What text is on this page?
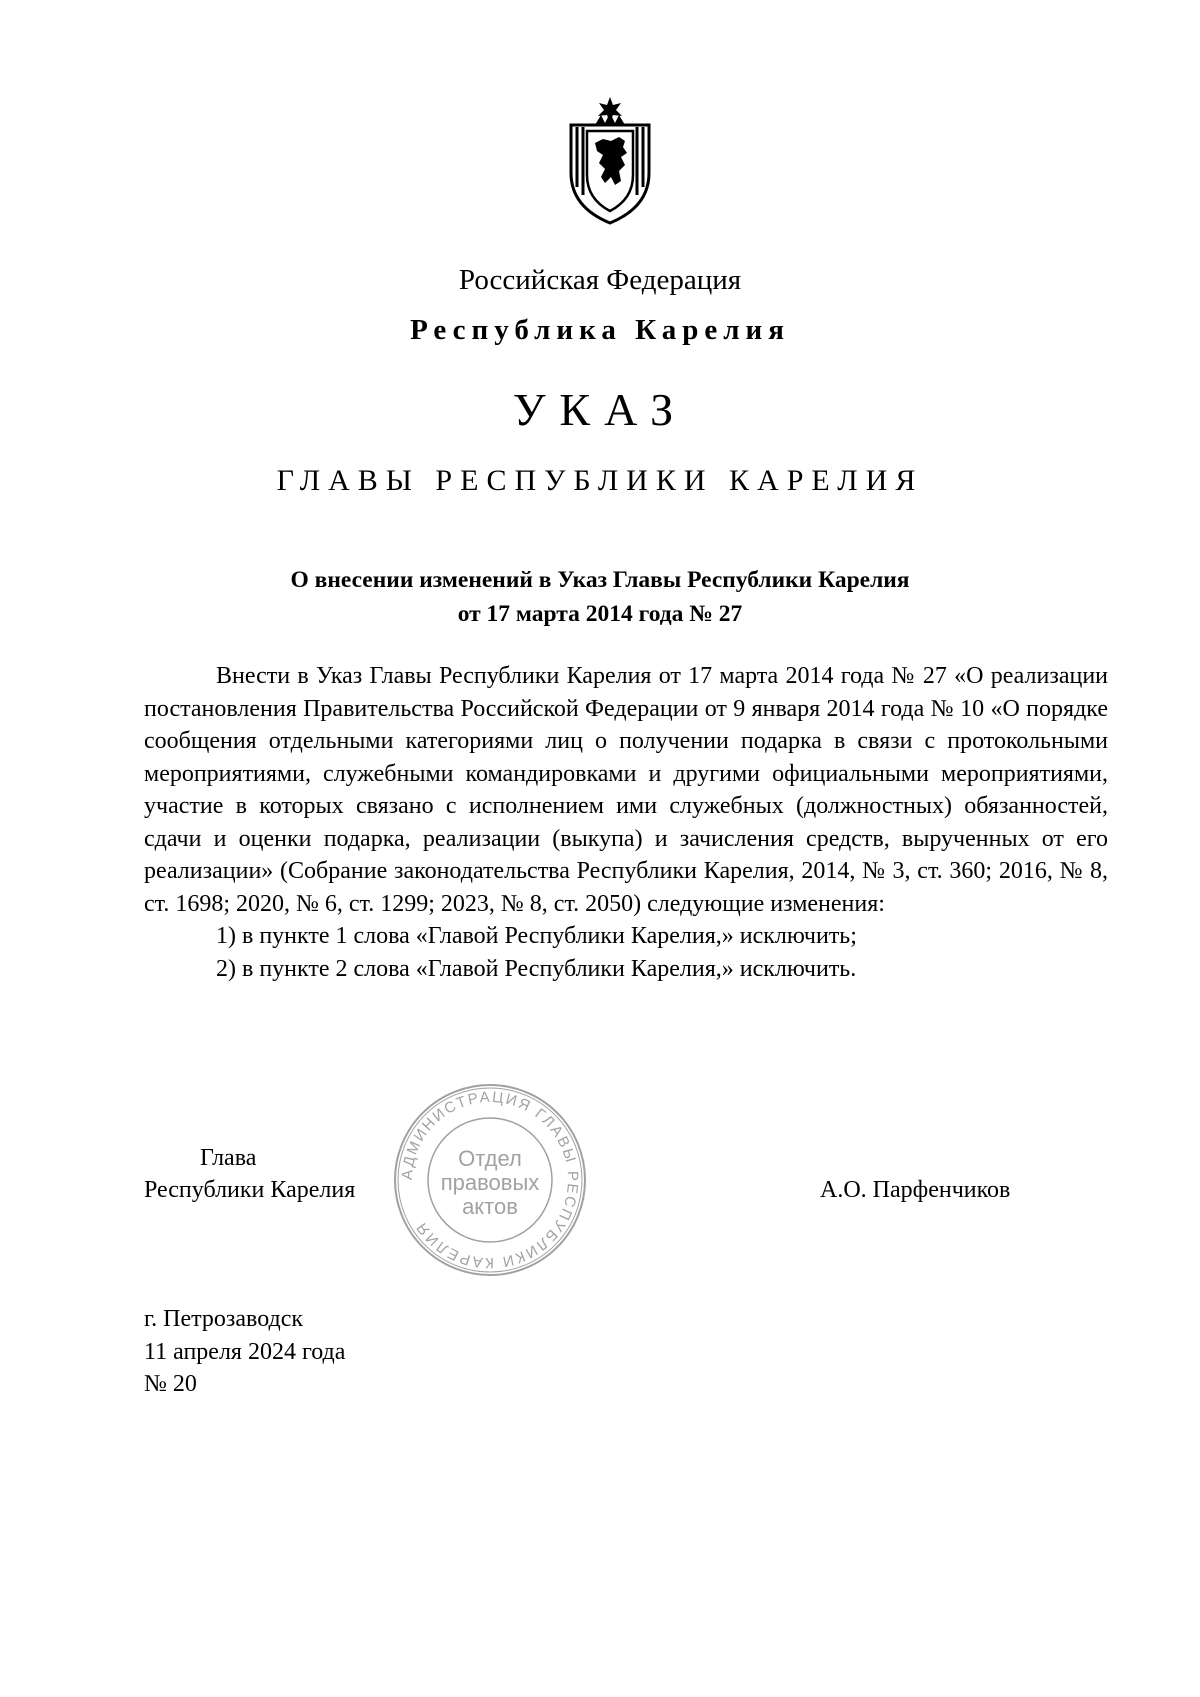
Российская Федерация
Республика Карелия
УКАЗ
ГЛАВЫ РЕСПУБЛИКИ КАРЕЛИЯ
О внесении изменений в Указ Главы Республики Карелия
от 17 марта 2014 года № 27
Внести в Указ Главы Республики Карелия от 17 марта 2014 года № 27 «О реализации постановления Правительства Российской Федерации от 9 января 2014 года № 10 «О порядке сообщения отдельными категориями лиц о получении подарка в связи с протокольными мероприятиями, служебными командировками и другими официальными мероприятиями, участие в которых связано с исполнением ими служебных (должностных) обязанностей, сдачи и оценки подарка, реализации (выкупа) и зачисления средств, вырученных от его реализации» (Собрание законодательства Республики Карелия, 2014, № 3, ст. 360; 2016, № 8, ст. 1698; 2020, № 6, ст. 1299; 2023, № 8, ст. 2050) следующие изменения:
1) в пункте 1 слова «Главой Республики Карелия,» исключить;
2) в пункте 2 слова «Главой Республики Карелия,» исключить.
Глава
Республики Карелия
АДМИНИСТРАЦИЯ ГЛАВЫ РЕСПУБЛИКИ КАРЕЛИЯ
Отдел
правовых
актов
А.О. Парфенчиков
г. Петрозаводск
11 апреля 2024 года
№ 20
